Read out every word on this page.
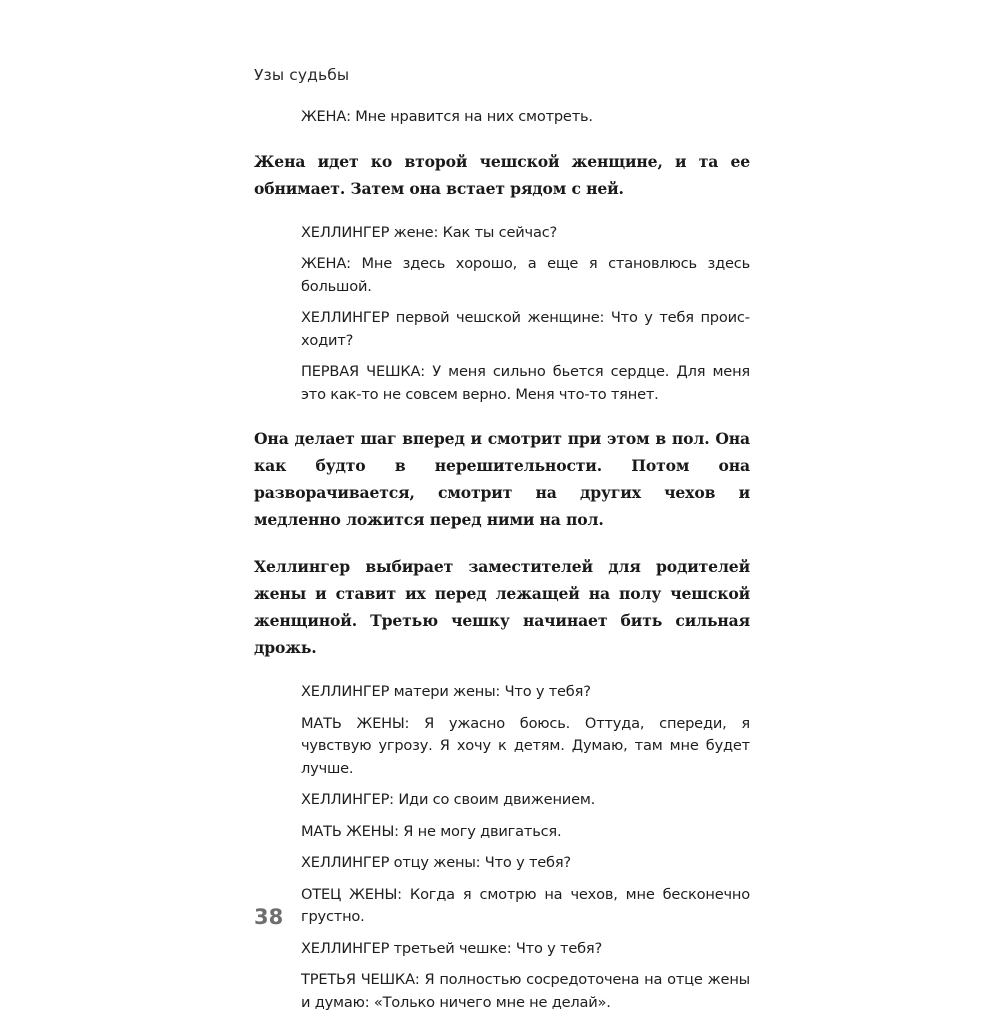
Узы судьбы

ЖЕНА: Мне нравится на них смотреть.

Жена идет ко второй чешской женщине, и та ее обнимает. Затем она встает рядом с ней.

ХЕЛЛИНГЕР жене: Как ты сейчас?

ЖЕНА: Мне здесь хорошо, а еще я становлюсь здесь большой.

ХЕЛЛИНГЕР первой чешской женщине: Что у тебя происходит?

ПЕРВАЯ ЧЕШКА: У меня сильно бьется сердце. Для меня это как-то не совсем верно. Меня что-то тянет.

Она делает шаг вперед и смотрит при этом в пол. Она как будто в нерешительности. Потом она разворачивается, смотрит на других чехов и медленно ложится перед ними на пол.

Хеллингер выбирает заместителей для родителей жены и ставит их перед лежащей на полу чешской женщиной. Третью чешку начинает бить сильная дрожь.

ХЕЛЛИНГЕР матери жены: Что у тебя?

МАТЬ ЖЕНЫ: Я ужасно боюсь. Оттуда, спереди, я чувствую угрозу. Я хочу к детям. Думаю, там мне будет лучше.

ХЕЛЛИНГЕР: Иди со своим движением.

МАТЬ ЖЕНЫ: Я не могу двигаться.

ХЕЛЛИНГЕР отцу жены: Что у тебя?

ОТЕЦ ЖЕНЫ: Когда я смотрю на чехов, мне бесконечно грустно.

ХЕЛЛИНГЕР третьей чешке: Что у тебя?

ТРЕТЬЯ ЧЕШКА: Я полностью сосредоточена на отце жены и думаю: «Только ничего мне не делай».

38
